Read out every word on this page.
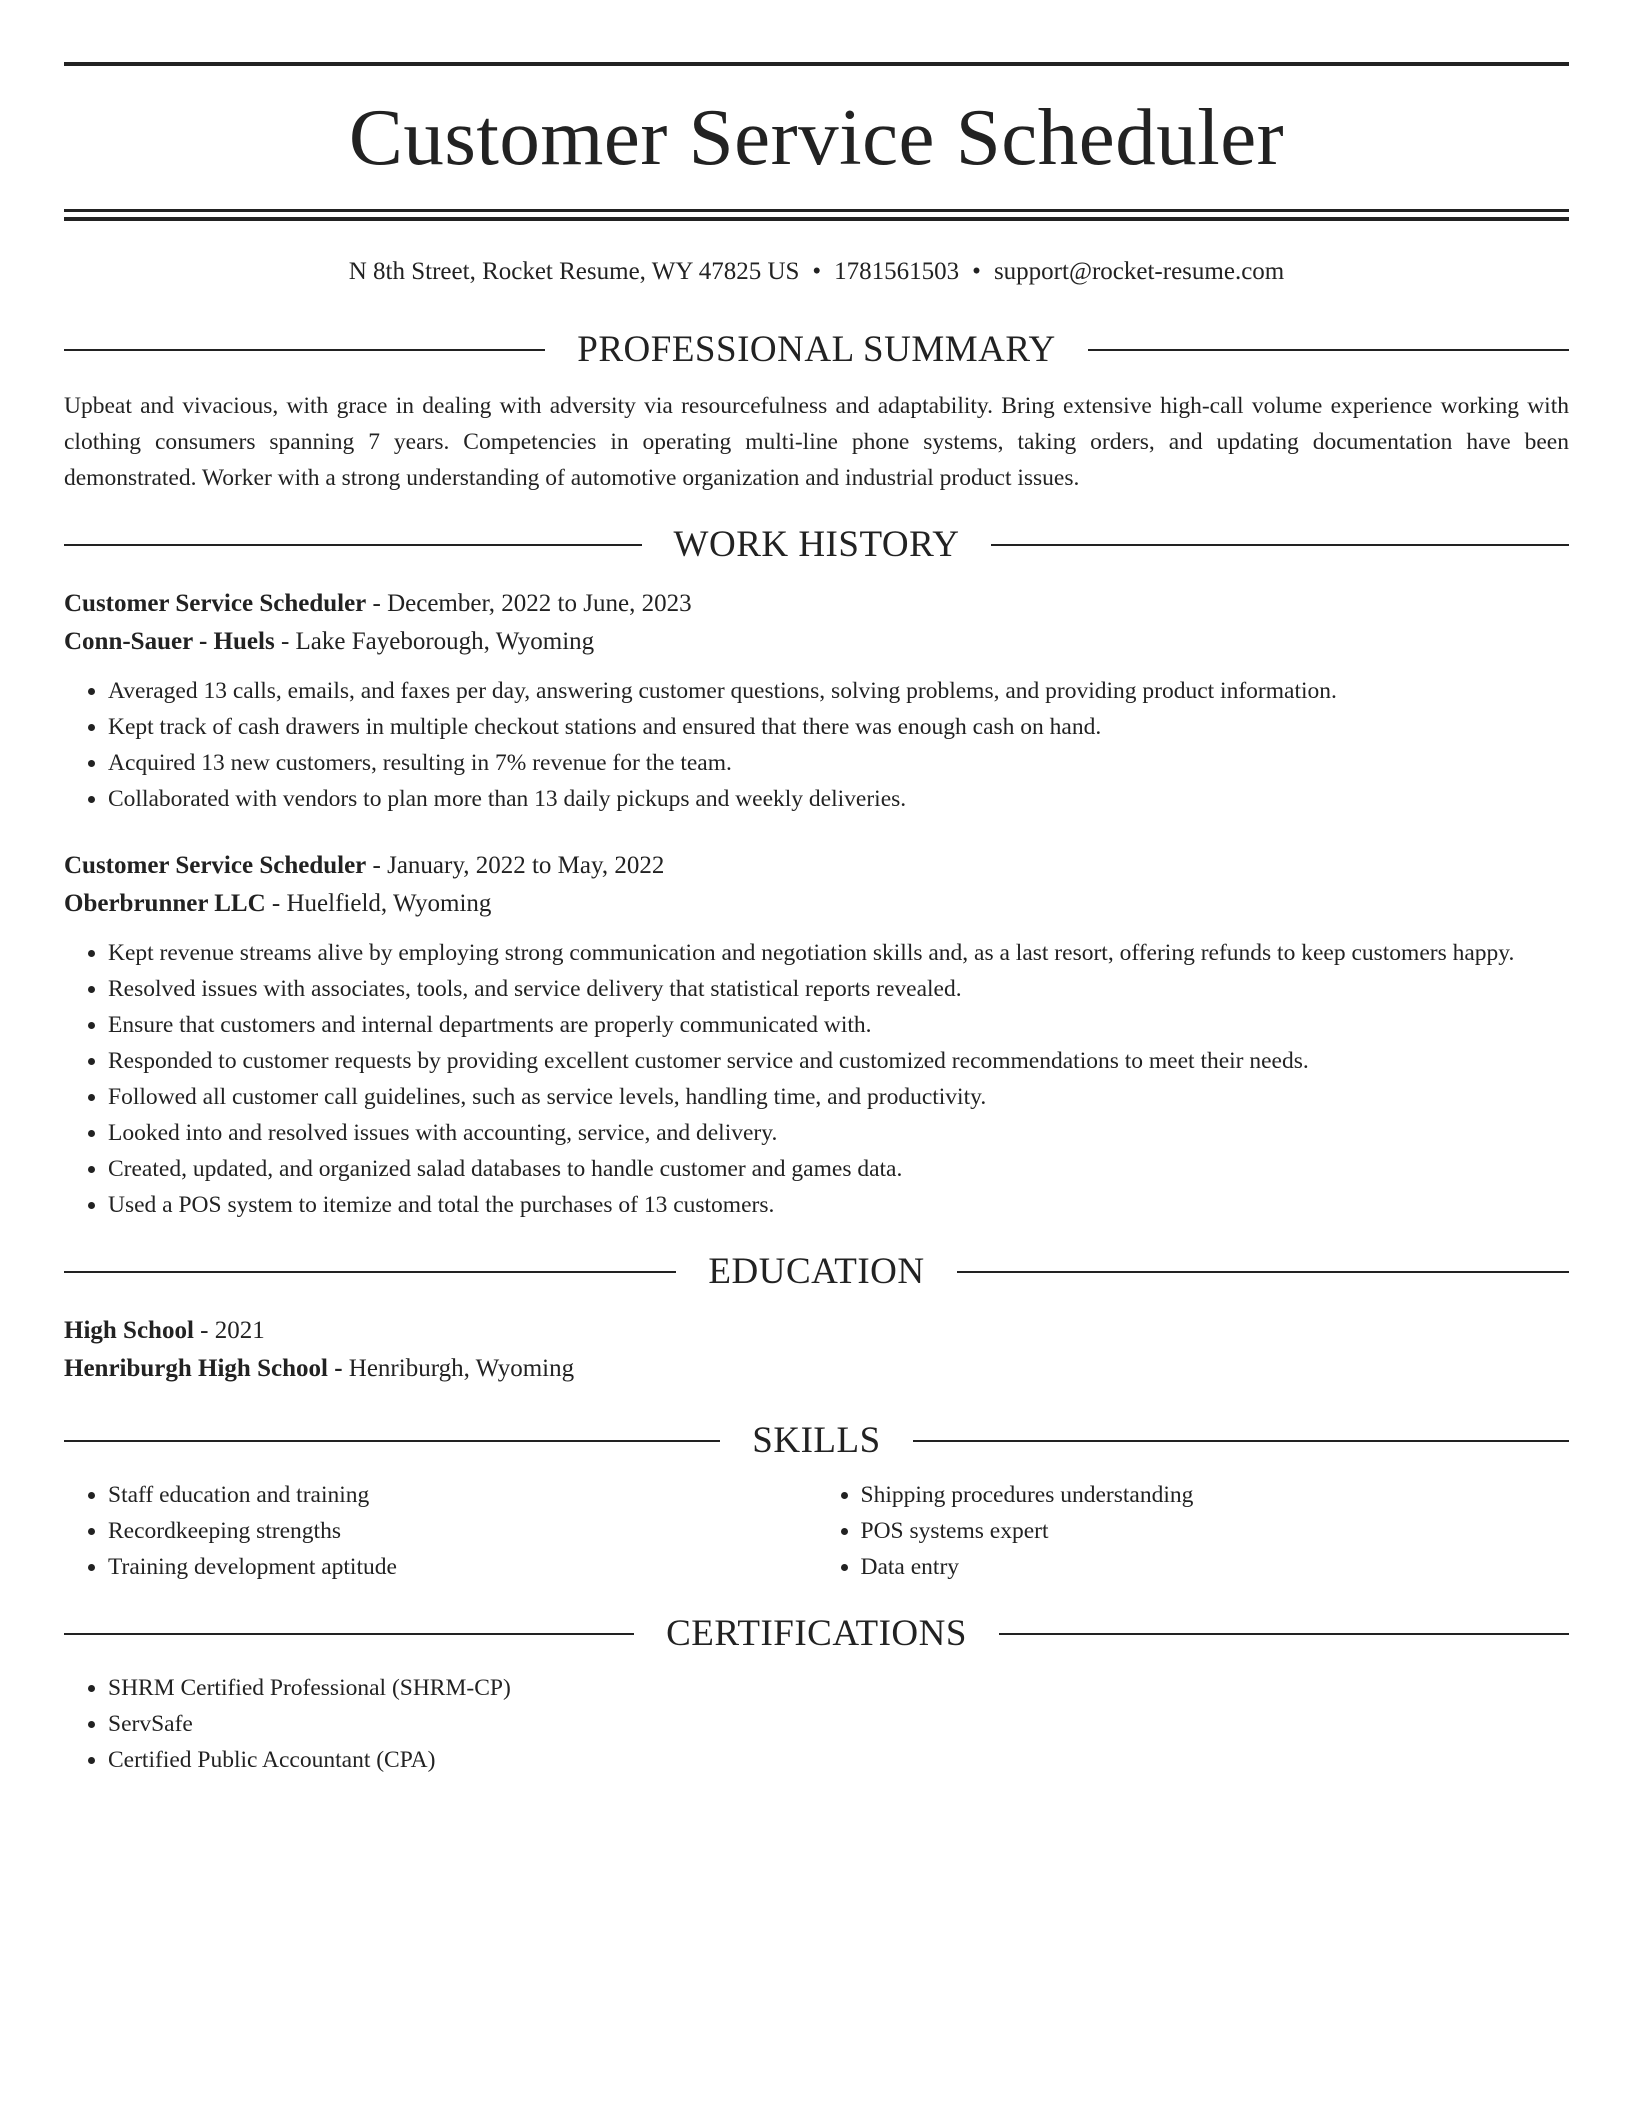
Customer Service Scheduler
N 8th Street, Rocket Resume, WY 47825 US • 1781561503 • support@rocket-resume.com
PROFESSIONAL SUMMARY
Upbeat and vivacious, with grace in dealing with adversity via resourcefulness and adaptability. Bring extensive high-call volume experience working with clothing consumers spanning 7 years. Competencies in operating multi-line phone systems, taking orders, and updating documentation have been demonstrated. Worker with a strong understanding of automotive organization and industrial product issues.
WORK HISTORY
Customer Service Scheduler - December, 2022 to June, 2023
Conn-Sauer - Huels - Lake Fayeborough, Wyoming
• Averaged 13 calls, emails, and faxes per day, answering customer questions, solving problems, and providing product information.
• Kept track of cash drawers in multiple checkout stations and ensured that there was enough cash on hand.
• Acquired 13 new customers, resulting in 7% revenue for the team.
• Collaborated with vendors to plan more than 13 daily pickups and weekly deliveries.
Customer Service Scheduler - January, 2022 to May, 2022
Oberbrunner LLC - Huelfield, Wyoming
• Kept revenue streams alive by employing strong communication and negotiation skills and, as a last resort, offering refunds to keep customers happy.
• Resolved issues with associates, tools, and service delivery that statistical reports revealed.
• Ensure that customers and internal departments are properly communicated with.
• Responded to customer requests by providing excellent customer service and customized recommendations to meet their needs.
• Followed all customer call guidelines, such as service levels, handling time, and productivity.
• Looked into and resolved issues with accounting, service, and delivery.
• Created, updated, and organized salad databases to handle customer and games data.
• Used a POS system to itemize and total the purchases of 13 customers.
EDUCATION
High School - 2021
Henriburgh High School - Henriburgh, Wyoming
SKILLS
• Staff education and training
• Recordkeeping strengths
• Training development aptitude
• Shipping procedures understanding
• POS systems expert
• Data entry
CERTIFICATIONS
• SHRM Certified Professional (SHRM-CP)
• ServSafe
• Certified Public Accountant (CPA)
